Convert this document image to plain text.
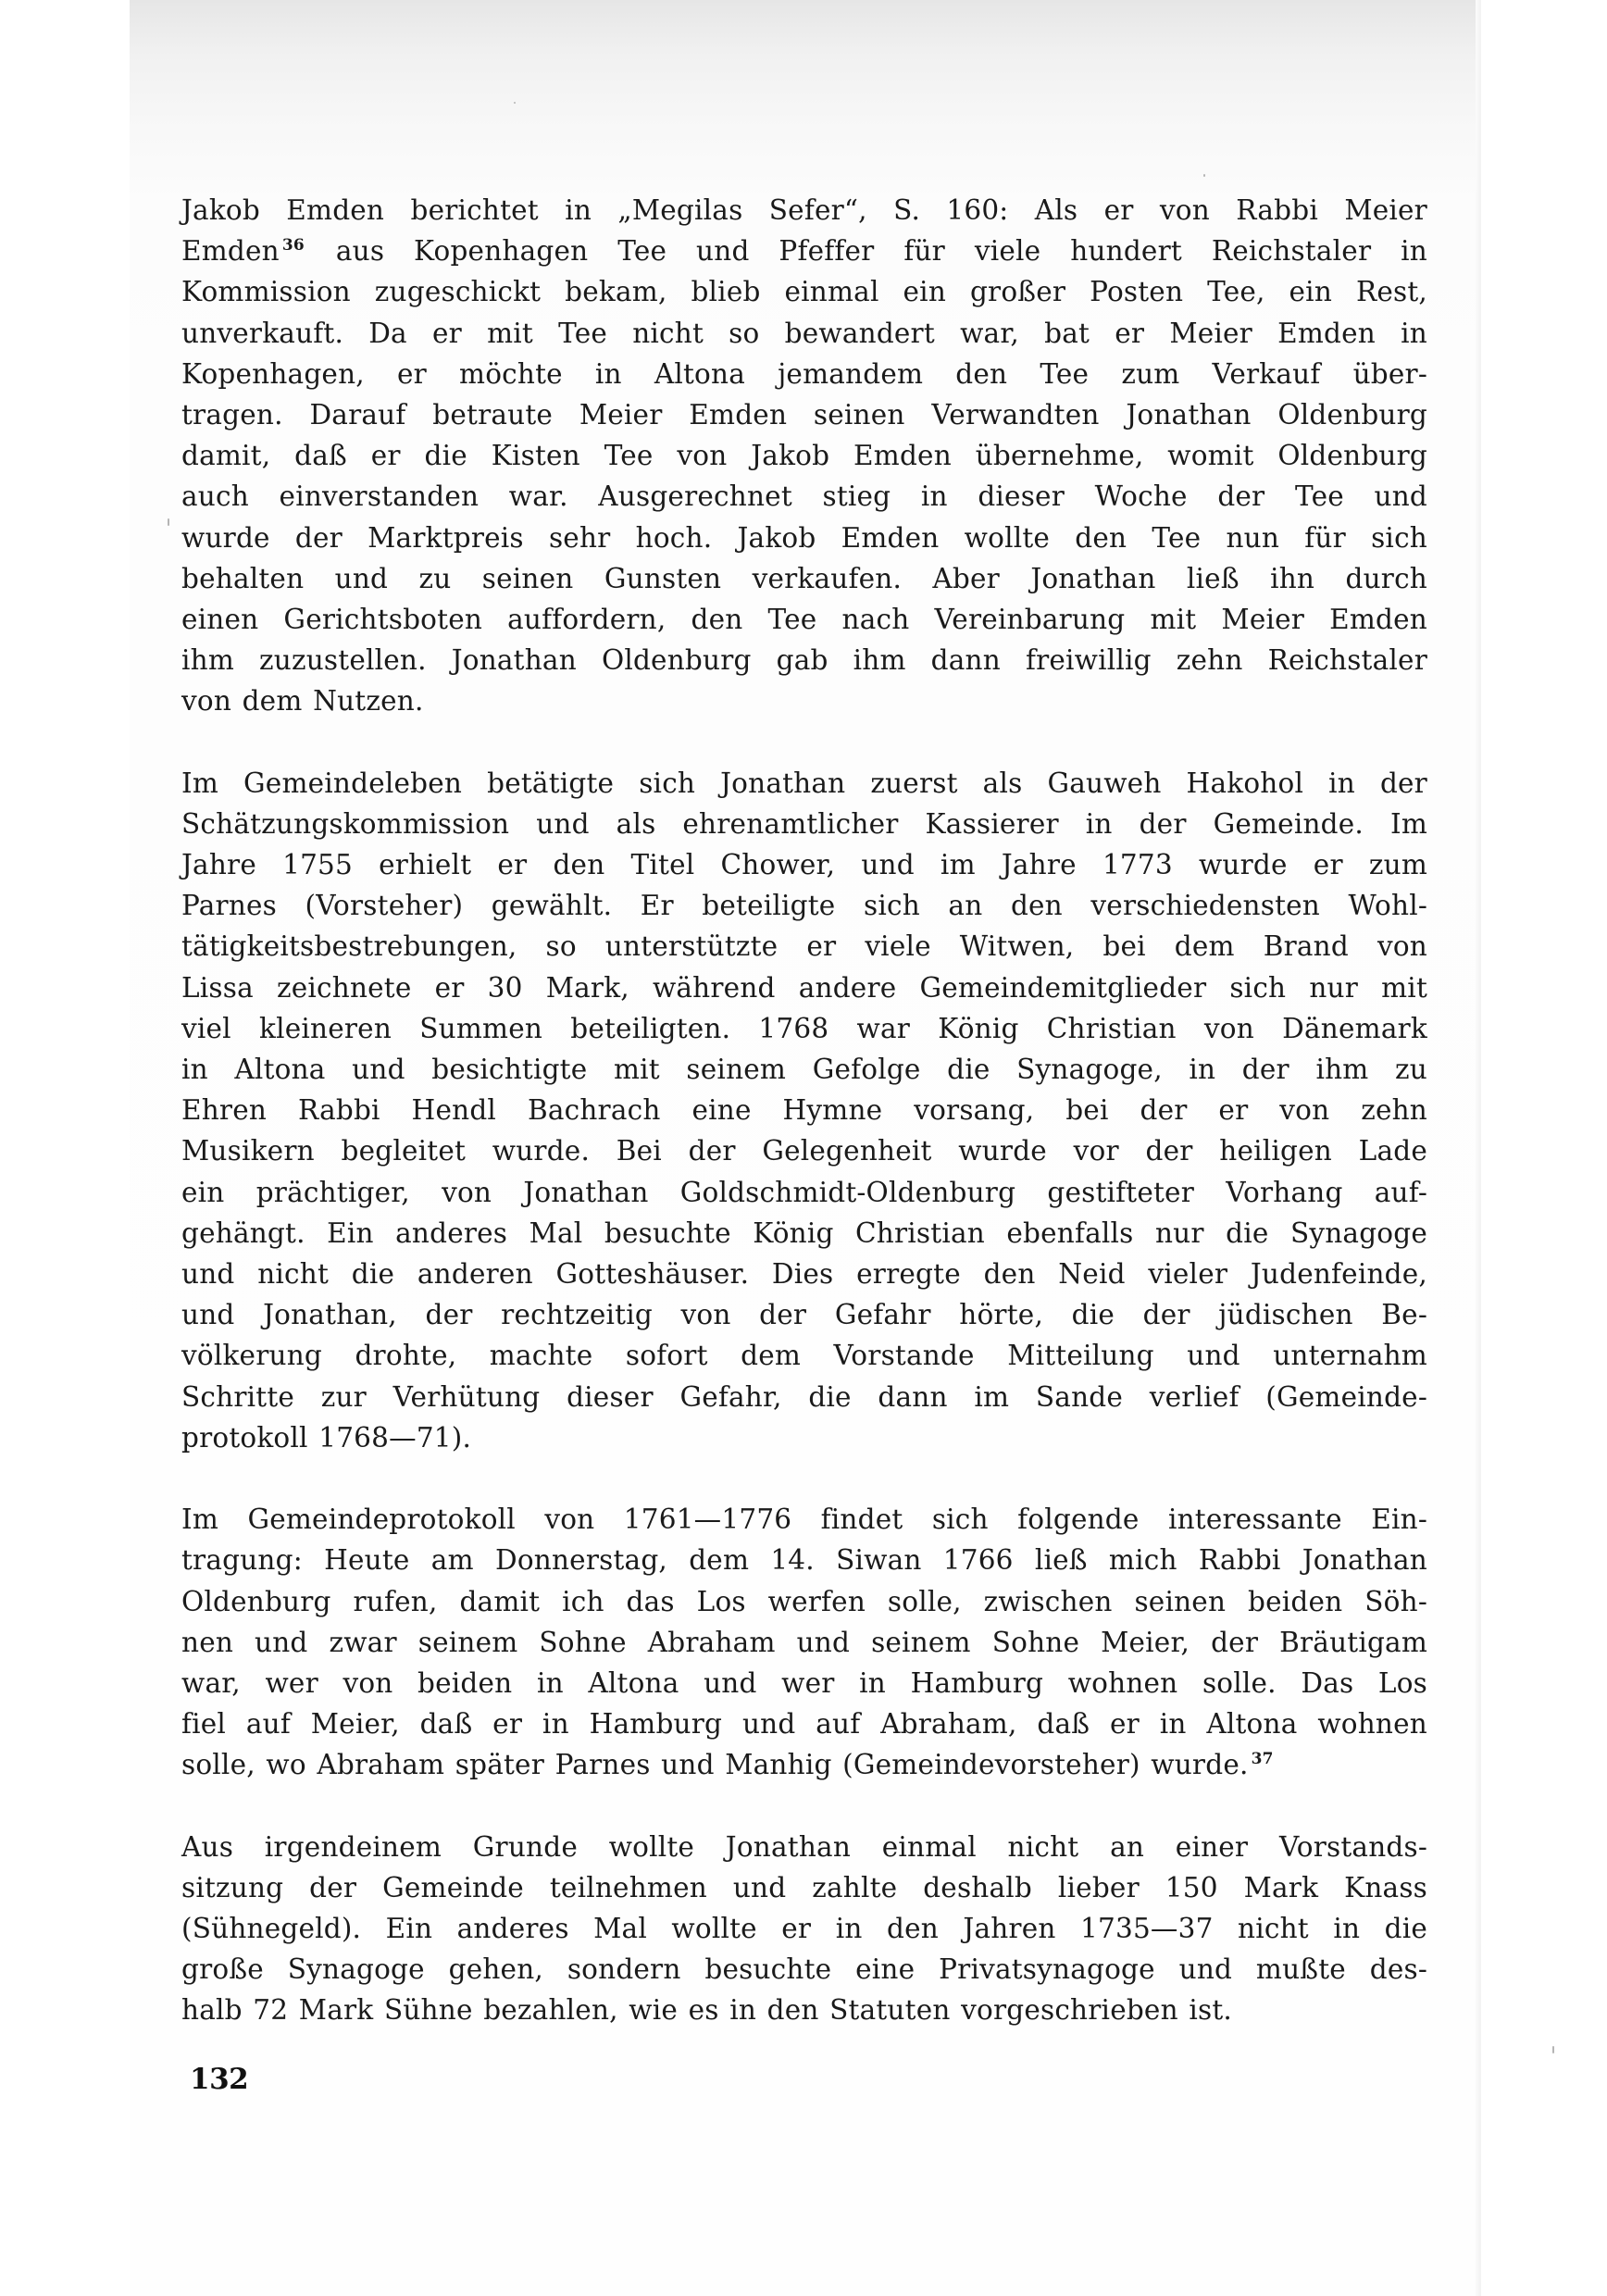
Jakob Emden berichtet in „Megilas Sefer“, S. 160: Als er von Rabbi Meier
Emden $^{36}$ aus Kopenhagen Tee und Pfeffer für viele hundert Reichstaler in
Kommission zugeschickt bekam, blieb einmal ein großer Posten Tee, ein Rest,
unverkauft. Da er mit Tee nicht so bewandert war, bat er Meier Emden in
Kopenhagen, er möchte in Altona jemandem den Tee zum Verkauf über-
tragen. Darauf betraute Meier Emden seinen Verwandten Jonathan Oldenburg
damit, daß er die Kisten Tee von Jakob Emden übernehme, womit Oldenburg
auch einverstanden war. Ausgerechnet stieg in dieser Woche der Tee und
wurde der Marktpreis sehr hoch. Jakob Emden wollte den Tee nun für sich
behalten und zu seinen Gunsten verkaufen. Aber Jonathan ließ ihn durch
einen Gerichtsboten auffordern, den Tee nach Vereinbarung mit Meier Emden
ihm zuzustellen. Jonathan Oldenburg gab ihm dann freiwillig zehn Reichstaler
von dem Nutzen.

Im Gemeindeleben betätigte sich Jonathan zuerst als Gauweh Hakohol in der
Schätzungskommission und als ehrenamtlicher Kassierer in der Gemeinde. Im
Jahre 1755 erhielt er den Titel Chower, und im Jahre 1773 wurde er zum
Parnes (Vorsteher) gewählt. Er beteiligte sich an den verschiedensten Wohl-
tätigkeitsbestrebungen, so unterstützte er viele Witwen, bei dem Brand von
Lissa zeichnete er 30 Mark, während andere Gemeindemitglieder sich nur mit
viel kleineren Summen beteiligten. 1768 war König Christian von Dänemark
in Altona und besichtigte mit seinem Gefolge die Synagoge, in der ihm zu
Ehren Rabbi Hendl Bachrach eine Hymne vorsang, bei der er von zehn
Musikern begleitet wurde. Bei der Gelegenheit wurde vor der heiligen Lade
ein prächtiger, von Jonathan Goldschmidt-Oldenburg gestifteter Vorhang auf-
gehängt. Ein anderes Mal besuchte König Christian ebenfalls nur die Synagoge
und nicht die anderen Gotteshäuser. Dies erregte den Neid vieler Judenfeinde,
und Jonathan, der rechtzeitig von der Gefahr hörte, die der jüdischen Be-
völkerung drohte, machte sofort dem Vorstande Mitteilung und unternahm
Schritte zur Verhütung dieser Gefahr, die dann im Sande verlief (Gemeinde-
protokoll 1768—71).

Im Gemeindeprotokoll von 1761—1776 findet sich folgende interessante Ein-
tragung: Heute am Donnerstag, dem 14. Siwan 1766 ließ mich Rabbi Jonathan
Oldenburg rufen, damit ich das Los werfen solle, zwischen seinen beiden Söh-
nen und zwar seinem Sohne Abraham und seinem Sohne Meier, der Bräutigam
war, wer von beiden in Altona und wer in Hamburg wohnen solle. Das Los
fiel auf Meier, daß er in Hamburg und auf Abraham, daß er in Altona wohnen
solle, wo Abraham später Parnes und Manhig (Gemeindevorsteher) wurde. $^{37}$

Aus irgendeinem Grunde wollte Jonathan einmal nicht an einer Vorstands-
sitzung der Gemeinde teilnehmen und zahlte deshalb lieber 150 Mark Knass
(Sühnegeld). Ein anderes Mal wollte er in den Jahren 1735—37 nicht in die
große Synagoge gehen, sondern besuchte eine Privatsynagoge und mußte des-
halb 72 Mark Sühne bezahlen, wie es in den Statuten vorgeschrieben ist.

132
